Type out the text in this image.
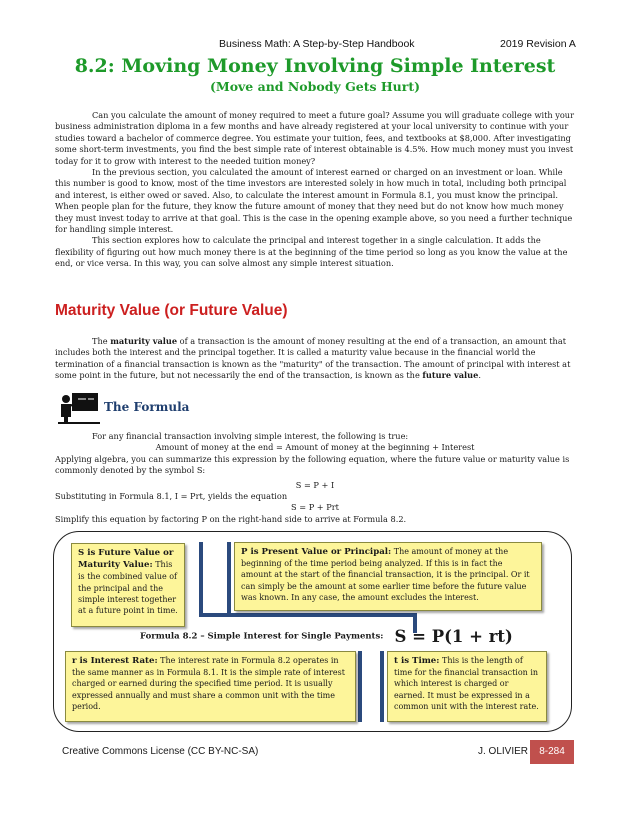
Business Math: A Step-by-Step Handbook	2019 Revision A
8.2: Moving Money Involving Simple Interest
(Move and Nobody Gets Hurt)

Can you calculate the amount of money required to meet a future goal? Assume you will graduate college with your business administration diploma in a few months and have already registered at your local university to continue with your studies toward a bachelor of commerce degree. You estimate your tuition, fees, and textbooks at $8,000. After investigating some short-term investments, you find the best simple rate of interest obtainable is 4.5%. How much money must you invest today for it to grow with interest to the needed tuition money?

In the previous section, you calculated the amount of interest earned or charged on an investment or loan. While this number is good to know, most of the time investors are interested solely in how much in total, including both principal and interest, is either owed or saved. Also, to calculate the interest amount in Formula 8.1, you must know the principal. When people plan for the future, they know the future amount of money that they need but do not know how much money they must invest today to arrive at that goal. This is the case in the opening example above, so you need a further technique for handling simple interest.

This section explores how to calculate the principal and interest together in a single calculation. It adds the flexibility of figuring out how much money there is at the beginning of the time period so long as you know the value at the end, or vice versa. In this way, you can solve almost any simple interest situation.

Maturity Value (or Future Value)

The maturity value of a transaction is the amount of money resulting at the end of a transaction, an amount that includes both the interest and the principal together. It is called a maturity value because in the financial world the termination of a financial transaction is known as the "maturity" of the transaction. The amount of principal with interest at some point in the future, but not necessarily the end of the transaction, is known as the future value.

The Formula

For any financial transaction involving simple interest, the following is true:

Amount of money at the end = Amount of money at the beginning + Interest

Applying algebra, you can summarize this expression by the following equation, where the future value or maturity value is commonly denoted by the symbol S:

S = P + I

Substituting in Formula 8.1, I = Prt, yields the equation

S = P + Prt

Simplify this equation by factoring P on the right-hand side to arrive at Formula 8.2.

S is Future Value or Maturity Value: This is the combined value of the principal and the simple interest together at a future point in time.
P is Present Value or Principal: The amount of money at the beginning of the time period being analyzed. If this is in fact the amount at the start of the financial transaction, it is the principal. Or it can simply be the amount at some earlier time before the future value was known. In any case, the amount excludes the interest.
Formula 8.2 – Simple Interest for Single Payments: S = P(1 + rt)
r is Interest Rate: The interest rate in Formula 8.2 operates in the same manner as in Formula 8.1. It is the simple rate of interest charged or earned during the specified time period. It is usually expressed annually and must share a common unit with the time period.
t is Time: This is the length of time for the financial transaction in which interest is charged or earned. It must be expressed in a common unit with the interest rate.
Creative Commons License (CC BY-NC-SA)	J. OLIVIER	8-284
